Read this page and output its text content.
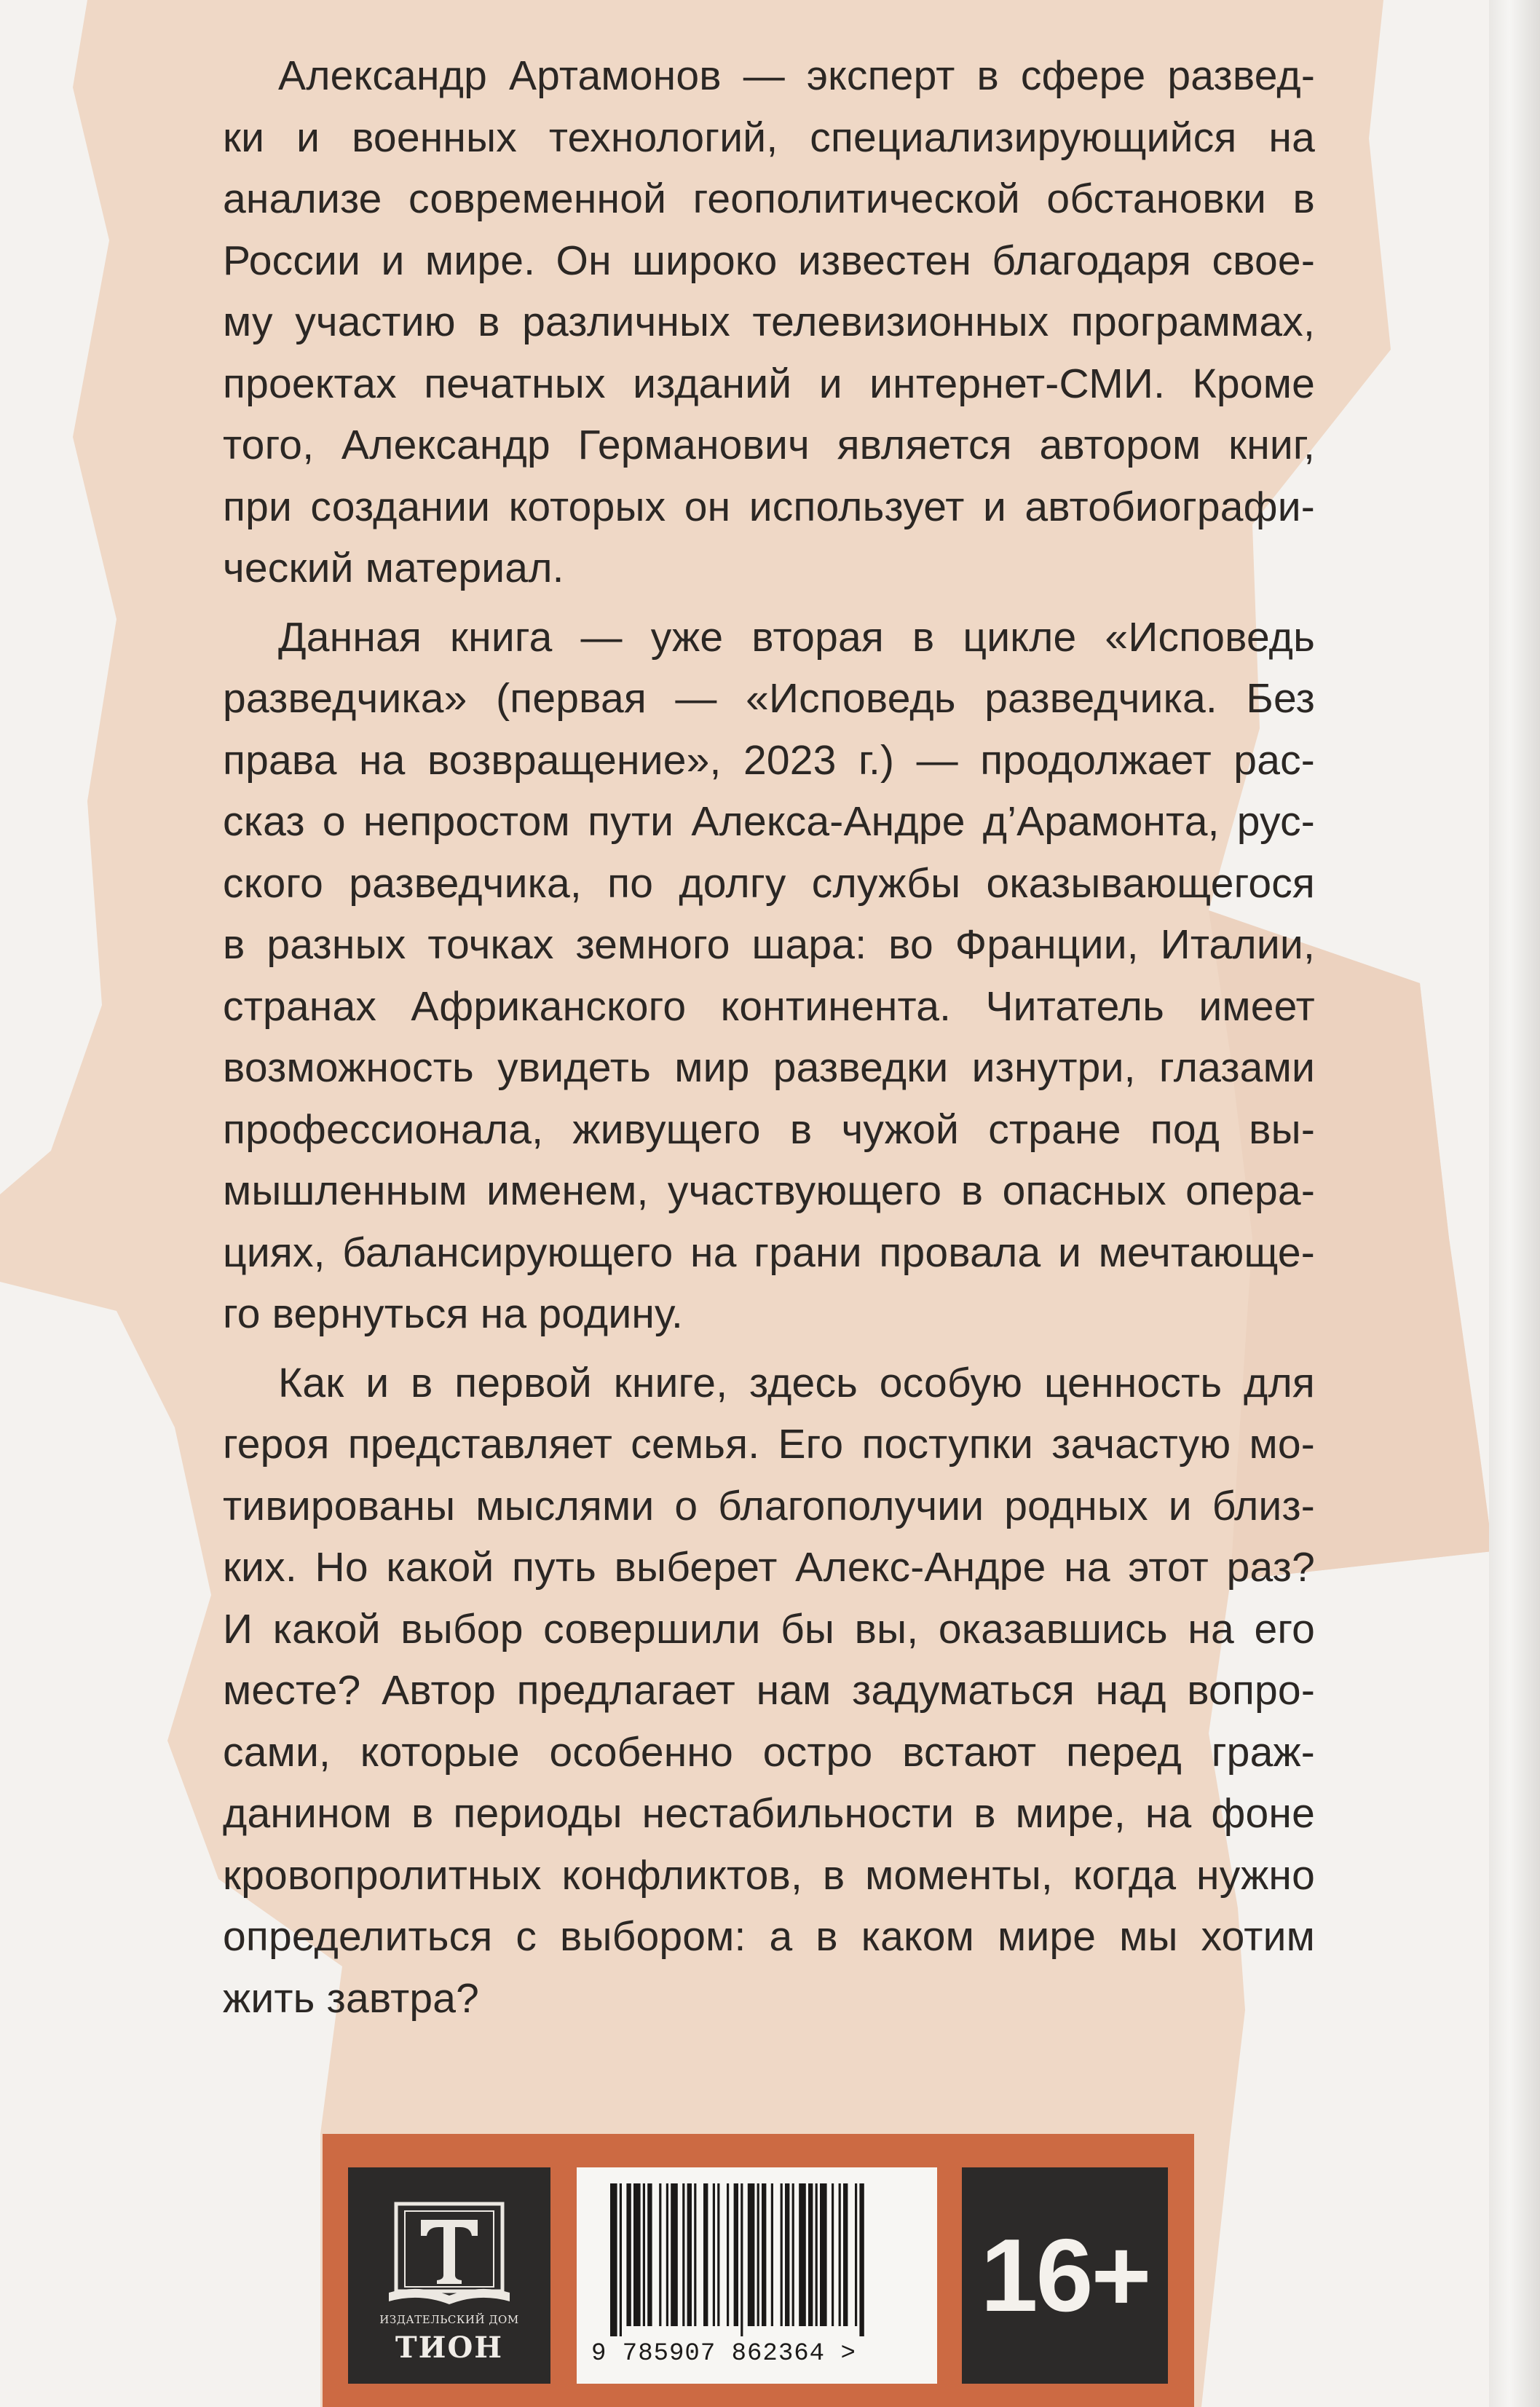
Александр Артамонов — эксперт в сфере развед-
ки и военных технологий, специализирующийся на
анализе современной геополитической обстановки в
России и мире. Он широко известен благодаря свое-
му участию в различных телевизионных программах,
проектах печатных изданий и интернет-СМИ. Кроме
того, Александр Германович является автором книг,
при создании которых он использует и автобиографи-
ческий материал.
Данная книга — уже вторая в цикле «Исповедь
разведчика» (первая — «Исповедь разведчика. Без
права на возвращение», 2023 г.) — продолжает рас-
сказ о непростом пути Алекса-Андре д’Арамонта, рус-
ского разведчика, по долгу службы оказывающегося
в разных точках земного шара: во Франции, Италии,
странах Африканского континента. Читатель имеет
возможность увидеть мир разведки изнутри, глазами
профессионала, живущего в чужой стране под вы-
мышленным именем, участвующего в опасных опера-
циях, балансирующего на грани провала и мечтающе-
го вернуться на родину.
Как и в первой книге, здесь особую ценность для
героя представляет семья. Его поступки зачастую мо-
тивированы мыслями о благополучии родных и близ-
ких. Но какой путь выберет Алекс-Андре на этот раз?
И какой выбор совершили бы вы, оказавшись на его
месте? Автор предлагает нам задуматься над вопро-
сами, которые особенно остро встают перед граж-
данином в периоды нестабильности в мире, на фоне
кровопролитных конфликтов, в моменты, когда нужно
определиться с выбором: а в каком мире мы хотим
жить завтра?
ИЗДАТЕЛЬСКИЙ ДОМ
ТИОН	9 785907 862364 >
16+
